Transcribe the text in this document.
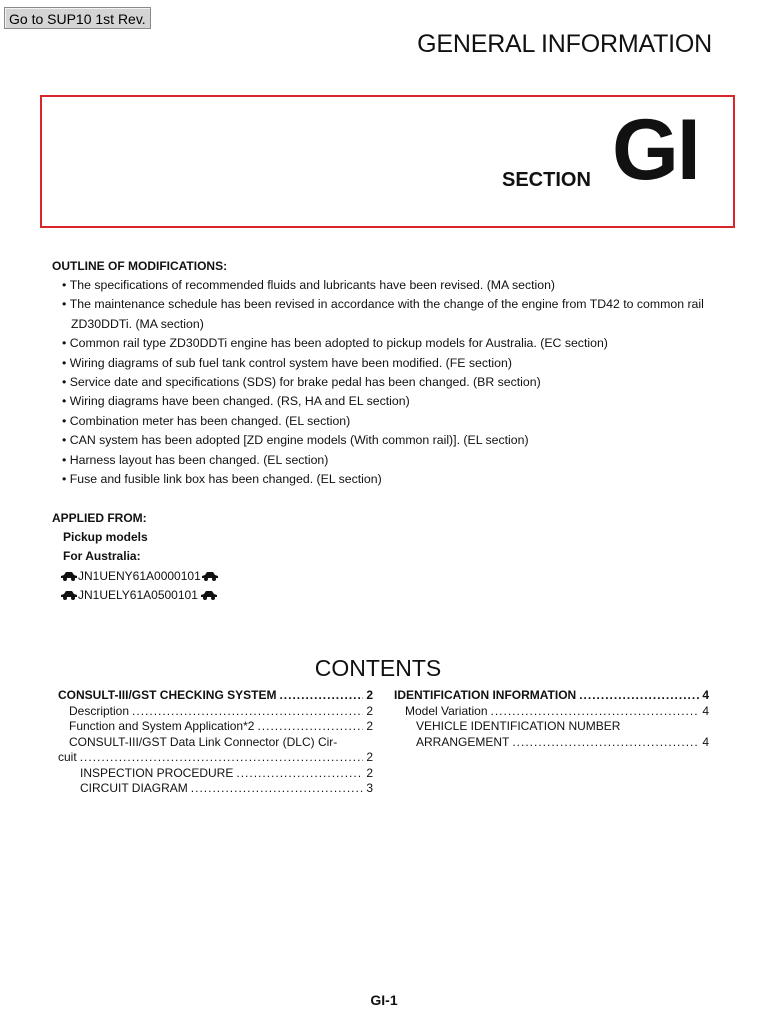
Go to SUP10 1st Rev.
GENERAL INFORMATION
SECTION GI
OUTLINE OF MODIFICATIONS:
• The specifications of recommended fluids and lubricants have been revised. (MA section)
• The maintenance schedule has been revised in accordance with the change of the engine from TD42 to common rail ZD30DDTi. (MA section)
• Common rail type ZD30DDTi engine has been adopted to pickup models for Australia. (EC section)
• Wiring diagrams of sub fuel tank control system have been modified. (FE section)
• Service date and specifications (SDS) for brake pedal has been changed. (BR section)
• Wiring diagrams have been changed. (RS, HA and EL section)
• Combination meter has been changed. (EL section)
• CAN system has been adopted [ZD engine models (With common rail)]. (EL section)
• Harness layout has been changed. (EL section)
• Fuse and fusible link box has been changed. (EL section)
APPLIED FROM:
Pickup models
For Australia:
JN1UENY61A0000101
JN1UELY61A0500101
CONTENTS
CONSULT-III/GST CHECKING SYSTEM .....	2
Description .....	2
Function and System Application*2 .....	2
CONSULT-III/GST Data Link Connector (DLC) Cir-
cuit .....	2
INSPECTION PROCEDURE .....	2
CIRCUIT DIAGRAM .....	3
IDENTIFICATION INFORMATION .....	4
Model Variation .....	4
VEHICLE IDENTIFICATION NUMBER
ARRANGEMENT .....	4
GI-1
